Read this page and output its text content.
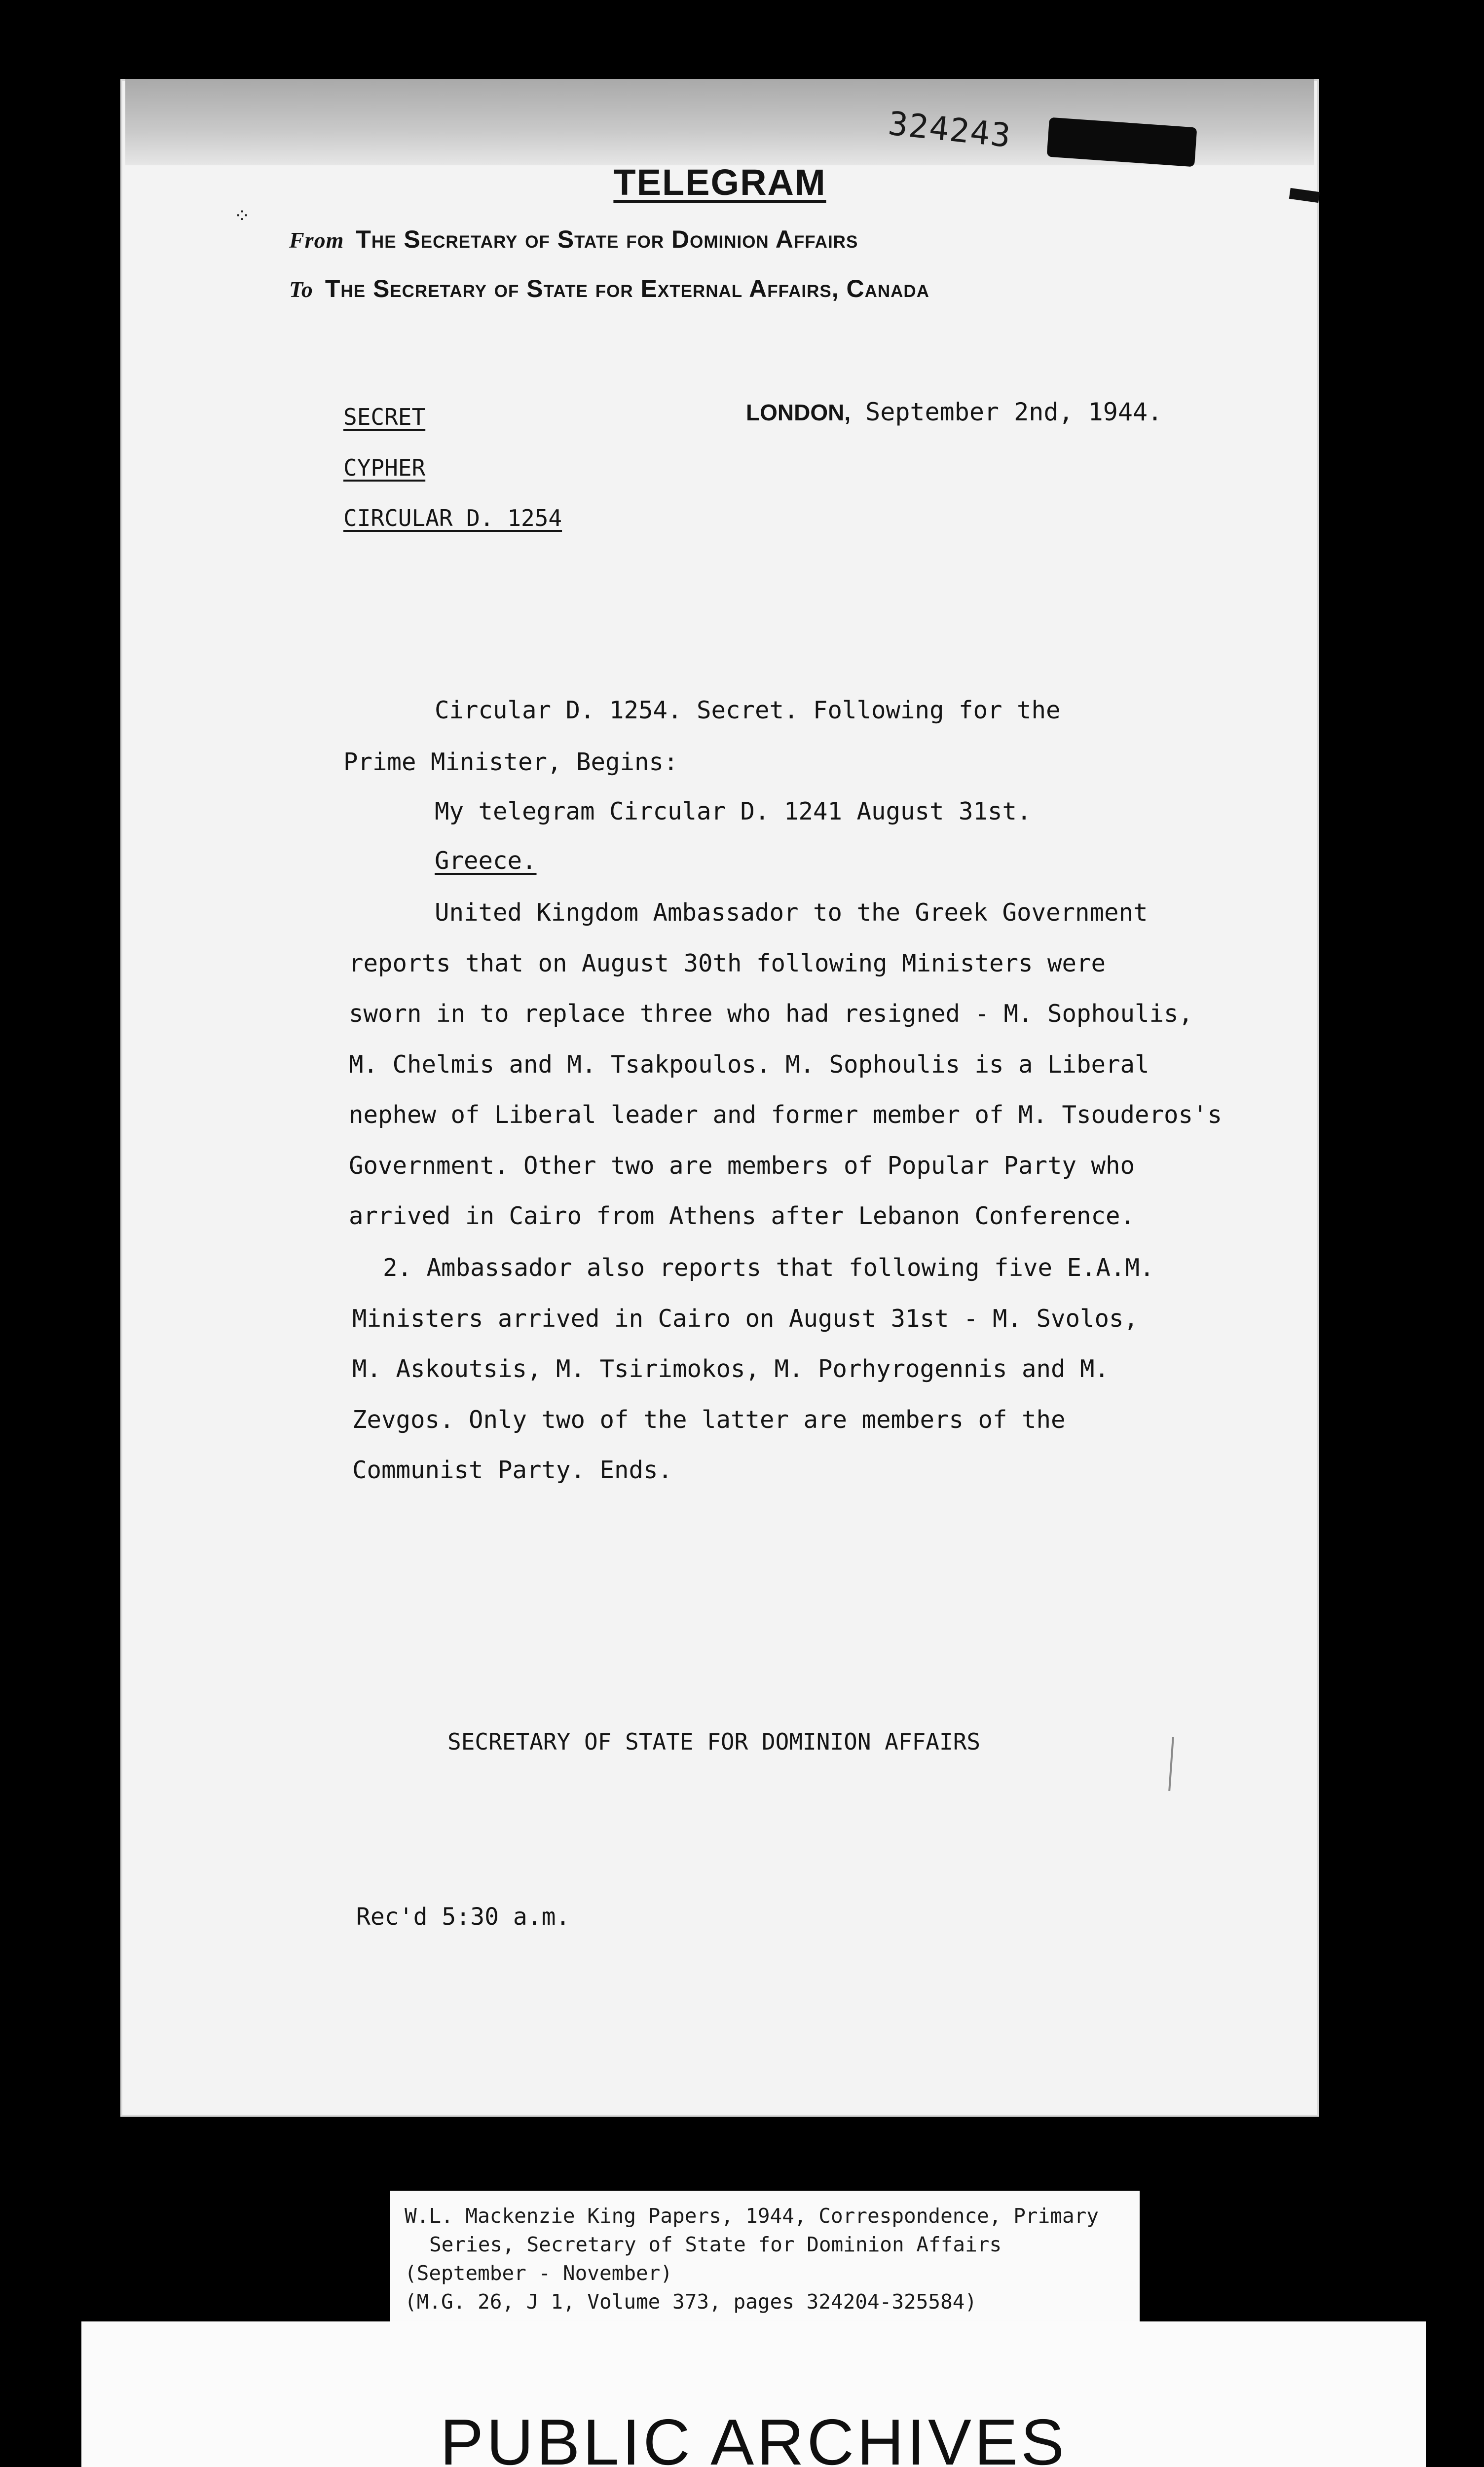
324243
⁘
TELEGRAM
From The Secretary of State for Dominion Affairs
To The Secretary of State for External Affairs, Canada
SECRET
CYPHER
CIRCULAR D. 1254
LONDON, September 2nd, 1944.
Circular D. 1254. Secret. Following for the
Prime Minister, Begins:
My telegram Circular D. 1241 August 31st.
Greece.
United Kingdom Ambassador to the Greek Government
reports that on August 30th following Ministers were
sworn in to replace three who had resigned - M. Sophoulis,
M. Chelmis and M. Tsakpoulos. M. Sophoulis is a Liberal
nephew of Liberal leader and former member of M. Tsouderos's
Government. Other two are members of Popular Party who
arrived in Cairo from Athens after Lebanon Conference.
2. Ambassador also reports that following five E.A.M.
Ministers arrived in Cairo on August 31st - M. Svolos,
M. Askoutsis, M. Tsirimokos, M. Porhyrogennis and M.
Zevgos. Only two of the latter are members of the
Communist Party. Ends.
SECRETARY OF STATE FOR DOMINION AFFAIRS
Rec'd 5:30 a.m.
W.L. Mackenzie King Papers, 1944, Correspondence, Primary
Series, Secretary of State for Dominion Affairs
(September - November)
(M.G. 26, J 1, Volume 373, pages 324204-325584)
PUBLIC ARCHIVES
